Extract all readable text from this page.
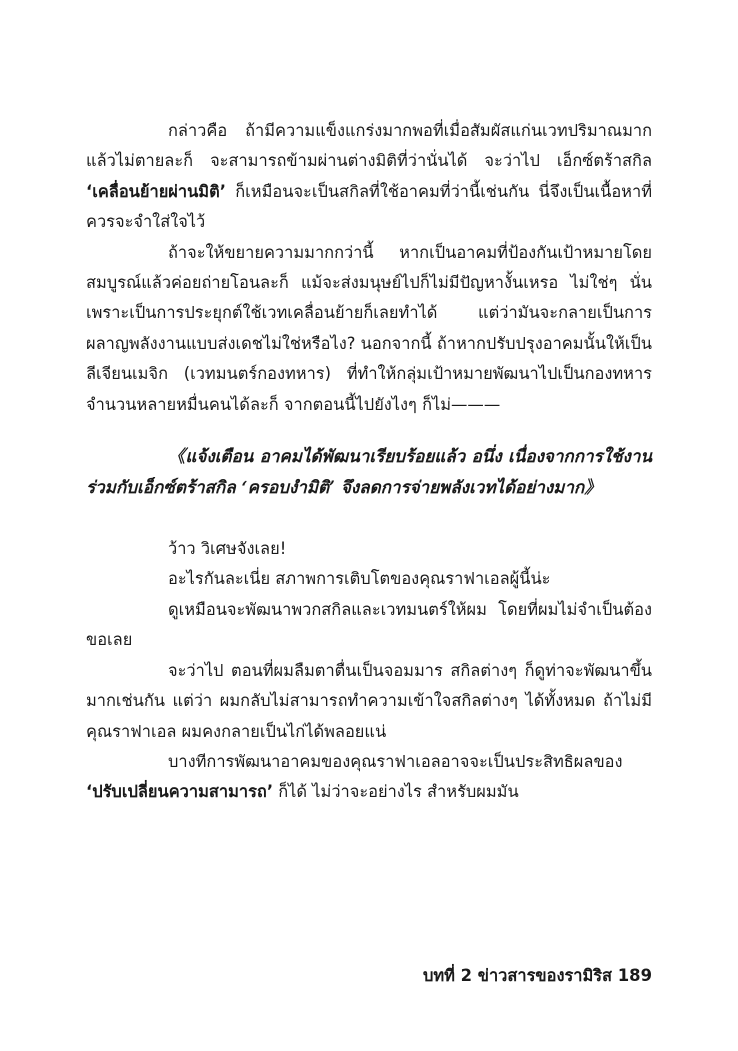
กล่าวคือ ถ้ามีความแข็งแกร่งมากพอที่เมื่อสัมผัสแก่นเวทปริมาณมากแล้วไม่ตายละก็ จะสามารถข้ามผ่านต่างมิติที่ว่านั่นได้ จะว่าไป เอ็กซ์ตร้าสกิล ‘เคลื่อนย้ายผ่านมิติ’ ก็เหมือนจะเป็นสกิลที่ใช้อาคมที่ว่านี้เช่นกัน นี่จึงเป็นเนื้อหาที่ควรจะจำใส่ใจไว้

ถ้าจะให้ขยายความมากกว่านี้ หากเป็นอาคมที่ป้องกันเป้าหมายโดยสมบูรณ์แล้วค่อยถ่ายโอนละก็ แม้จะส่งมนุษย์ไปก็ไม่มีปัญหางั้นเหรอ ไม่ใช่ๆ นั่นเพราะเป็นการประยุกต์ใช้เวทเคลื่อนย้ายก็เลยทำได้ แต่ว่ามันจะกลายเป็นการผลาญพลังงานแบบส่งเดชไม่ใช่หรือไง? นอกจากนี้ ถ้าหากปรับปรุงอาคมนั้นให้เป็นลีเจียนเมจิก (เวทมนตร์กองทหาร) ที่ทำให้กลุ่มเป้าหมายพัฒนาไปเป็นกองทหารจำนวนหลายหมื่นคนได้ละก็ จากตอนนี้ไปยังไงๆ ก็ไม่———

《แจ้งเตือน อาคมได้พัฒนาเรียบร้อยแล้ว อนึ่ง เนื่องจากการใช้งานร่วมกับเอ็กซ์ตร้าสกิล ‘ครอบงำมิติ’ จึงลดการจ่ายพลังเวทได้อย่างมาก》

ว้าว วิเศษจังเลย!

อะไรกันละเนี่ย สภาพการเติบโตของคุณราฟาเอลผู้นี้น่ะ

ดูเหมือนจะพัฒนาพวกสกิลและเวทมนตร์ให้ผม โดยที่ผมไม่จำเป็นต้องขอเลย

จะว่าไป ตอนที่ผมลืมตาตื่นเป็นจอมมาร สกิลต่างๆ ก็ดูท่าจะพัฒนาขึ้นมากเช่นกัน แต่ว่า ผมกลับไม่สามารถทำความเข้าใจสกิลต่างๆ ได้ทั้งหมด ถ้าไม่มีคุณราฟาเอล ผมคงกลายเป็นไก่ได้พลอยแน่

บางทีการพัฒนาอาคมของคุณราฟาเอลอาจจะเป็นประสิทธิผลของ ‘ปรับเปลี่ยนความสามารถ’ ก็ได้ ไม่ว่าจะอย่างไร สำหรับผมมัน

บทที่ 2 ข่าวสารของรามิริส 189
